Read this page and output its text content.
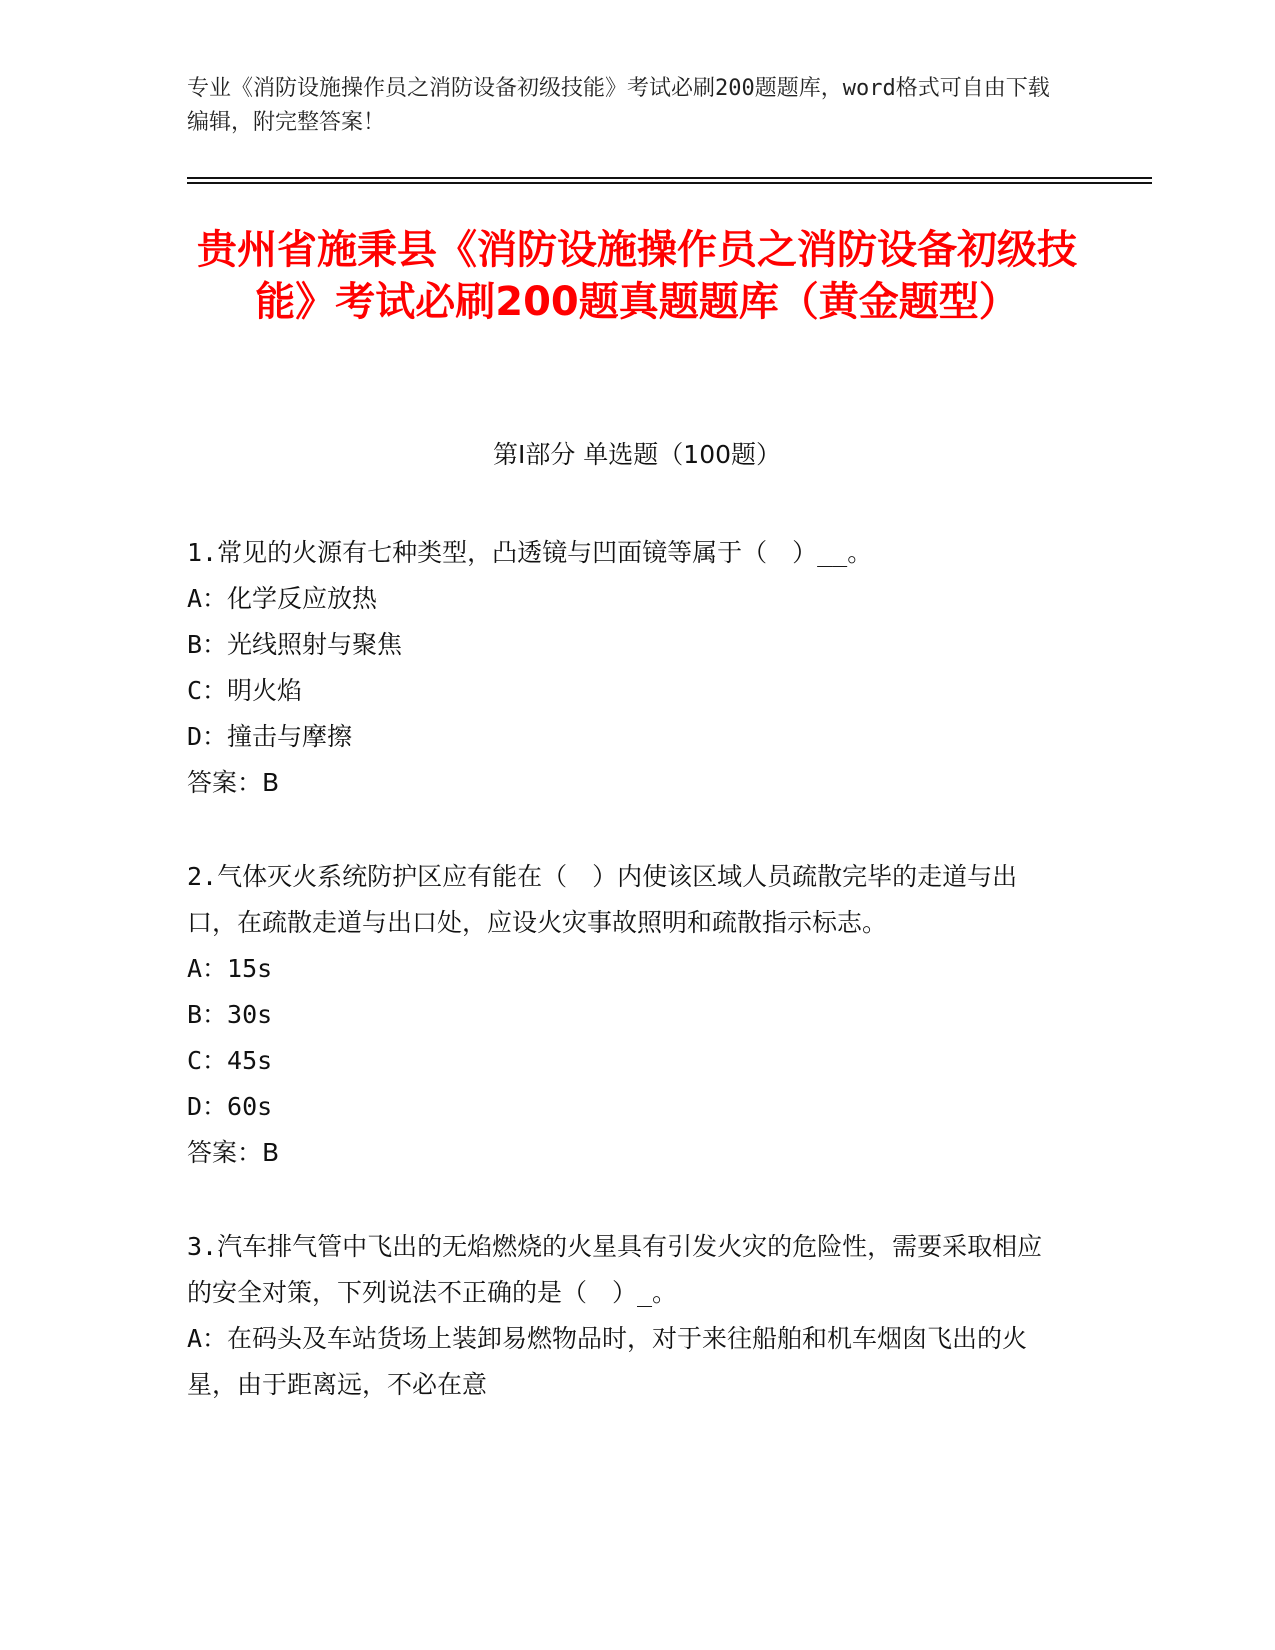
专业《消防设施操作员之消防设备初级技能》考试必刷200题题库，word格式可自由下载编辑，附完整答案！
贵州省施秉县《消防设施操作员之消防设备初级技能》考试必刷200题真题题库（黄金题型）
第I部分 单选题（100题）

1.常见的火源有七种类型，凸透镜与凹面镜等属于（　）__。

A：化学反应放热

B：光线照射与聚焦

C：明火焰

D：撞击与摩擦

答案：B

2.气体灭火系统防护区应有能在（　）内使该区域人员疏散完毕的走道与出口，在疏散走道与出口处，应设火灾事故照明和疏散指示标志。

A：15s

B：30s

C：45s

D：60s

答案：B

3.汽车排气管中飞出的无焰燃烧的火星具有引发火灾的危险性，需要采取相应的安全对策，下列说法不正确的是（　）_。

A：在码头及车站货场上装卸易燃物品时，对于来往船舶和机车烟囱飞出的火星，由于距离远，不必在意
